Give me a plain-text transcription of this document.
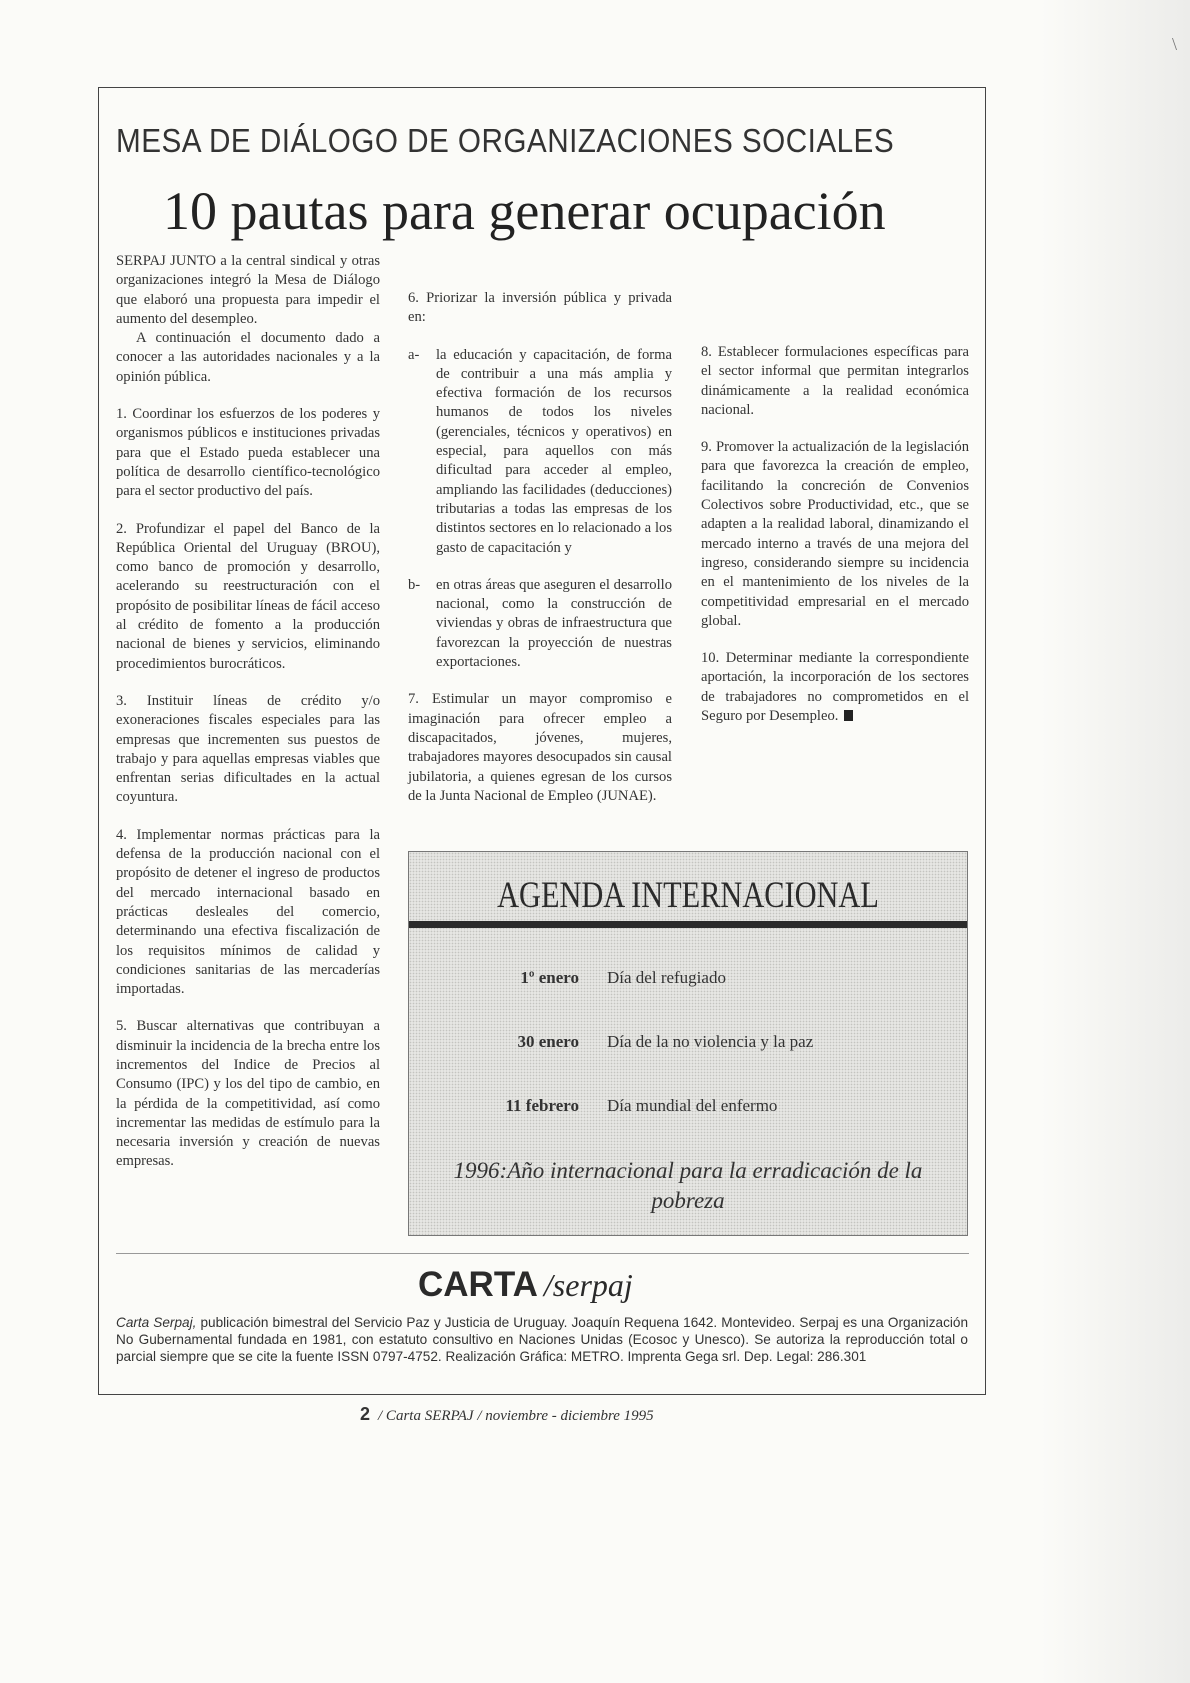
\
MESA DE DIÁLOGO DE ORGANIZACIONES SOCIALES
10 pautas para generar ocupación

SERPAJ JUNTO a la central sindical y otras organizaciones integró la Mesa de Diálogo que elaboró una propuesta para impedir el aumento del desempleo.

A continuación el documento dado a conocer a las autoridades nacionales y a la opinión pública.

1. Coordinar los esfuerzos de los poderes y organismos públicos e instituciones privadas para que el Estado pueda establecer una política de desarrollo científico-tecnológico para el sector productivo del país.

2. Profundizar el papel del Banco de la República Oriental del Uruguay (BROU), como banco de promoción y desarrollo, acelerando su reestructuración con el propósito de posibilitar líneas de fácil acceso al crédito de fomento a la producción nacional de bienes y servicios, eliminando procedimientos burocráticos.

3. Instituir líneas de crédito y/o exoneraciones fiscales especiales para las empresas que incrementen sus puestos de trabajo y para aquellas empresas viables que enfrentan serias dificultades en la actual coyuntura.

4. Implementar normas prácticas para la defensa de la producción nacional con el propósito de detener el ingreso de productos del mercado internacional basado en prácticas desleales del comercio, determinando una efectiva fiscalización de los requisitos mínimos de calidad y condiciones sanitarias de las mercaderías importadas.

5. Buscar alternativas que contribuyan a disminuir la incidencia de la brecha entre los incrementos del Indice de Precios al Consumo (IPC) y los del tipo de cambio, en la pérdida de la competitividad, así como incrementar las medidas de estímulo para la necesaria inversión y creación de nuevas empresas.

6. Priorizar la inversión pública y privada en:

a-	la educación y capacitación, de forma de contribuir a una más amplia y efectiva formación de los recursos humanos de todos los niveles (gerenciales, técnicos y operativos) en especial, para aquellos con más dificultad para acceder al empleo, ampliando las facilidades (deducciones) tributarias a todas las empresas de los distintos sectores en lo relacionado a los gasto de capacitación y
b-	en otras áreas que aseguren el desarrollo nacional, como la construcción de viviendas y obras de infraestructura que favorezcan la proyección de nuestras exportaciones.

7. Estimular un mayor compromiso e imaginación para ofrecer empleo a discapacitados, jóvenes, mujeres, trabajadores mayores desocupados sin causal jubilatoria, a quienes egresan de los cursos de la Junta Nacional de Empleo (JUNAE).

8. Establecer formulaciones específicas para el sector informal que permitan integrarlos dinámicamente a la realidad económica nacional.

9. Promover la actualización de la legislación para que favorezca la creación de empleo, facilitando la concreción de Convenios Colectivos sobre Productividad, etc., que se adapten a la realidad laboral, dinamizando el mercado interno a través de una mejora del ingreso, considerando siempre su incidencia en el mantenimiento de los niveles de la competitividad empresarial en el mercado global.

10. Determinar mediante la correspondiente aportación, la incorporación de los sectores de trabajadores no comprometidos en el Seguro por Desempleo.

AGENDA INTERNACIONAL
1º enero Día del refugiado
30 enero Día de la no violencia y la paz
11 febrero Día mundial del enfermo
1996:Año internacional para la erradicación de la pobreza
CARTA /serpaj
Carta Serpaj, publicación bimestral del Servicio Paz y Justicia de Uruguay. Joaquín Requena 1642. Montevideo. Serpaj es una Organización No Gubernamental fundada en 1981, con estatuto consultivo en Naciones Unidas (Ecosoc y Unesco). Se autoriza la reproducción total o parcial siempre que se cite la fuente ISSN 0797-4752. Realización Gráfica: METRO. Imprenta Gega srl. Dep. Legal: 286.301
2 / Carta SERPAJ / noviembre - diciembre 1995
